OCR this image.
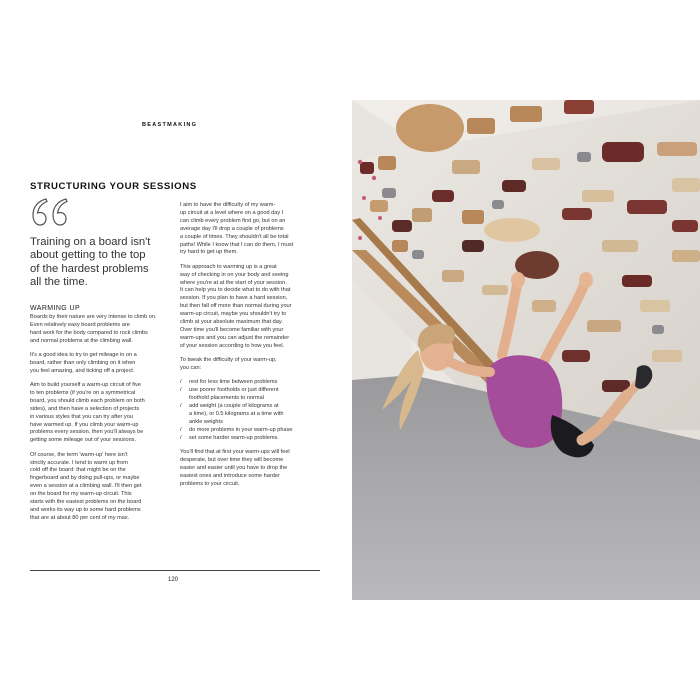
BEASTMAKING
STRUCTURING YOUR SESSIONS
Training on a board isn't
about getting to the top
of the hardest problems
all the time.
WARMING UP

Boards by their nature are very intense to climb on.
Even relatively easy board problems are
hard work for the body compared to rock climbs
and normal problems at the climbing wall.

It's a good idea to try to get mileage in on a
board, rather than only climbing on it when
you feel amazing, and ticking off a project.

Aim to build yourself a warm-up circuit of five
to ten problems (if you're on a symmetrical
board, you should climb each problem on both
sides), and then have a selection of projects
in various styles that you can try after you
have warmed up. If you climb your warm-up
problems every session, then you'll always be
getting some mileage out of your sessions.

Of course, the term 'warm-up' here isn't
strictly accurate. I tend to warm up from
cold off the board: that might be on the
fingerboard and by doing pull-ups, or maybe
even a session at a climbing wall. I'll then get
on the board for my warm-up circuit. This
starts with the easiest problems on the board
and works its way up to some hard problems
that are at about 80 per cent of my max.

I aim to have the difficulty of my warm-
up circuit at a level where on a good day I
can climb every problem first go, but on an
average day I'll drop a couple of problems
a couple of times. They shouldn't all be total
paths! While I know that I can do them, I must
try hard to get up them.

This approach to warming up is a great
way of checking in on your body and seeing
where you're at at the start of your session.
It can help you to decide what to do with that
session. If you plan to have a hard session,
but then fall off more than normal during your
warm-up circuit, maybe you shouldn't try to
climb at your absolute maximum that day.
Over time you'll become familiar with your
warm-ups and you can adjust the remainder
of your session according to how you feel.

To tweak the difficulty of your warm-up,
you can:

/ rest for less time between problems
/ use poorer footholds or just different
foothold placements to normal
/ add weight (a couple of kilograms at
a time), or 0.5 kilograms at a time with
ankle weights
/ do more problems in your warm-up phase
/ set some harder warm-up problems.

You'll find that at first your warm-ups will feel
desperate, but over time they will become
easier and easier until you have to drop the
easiest ones and introduce some harder
problems to your circuit.

120
